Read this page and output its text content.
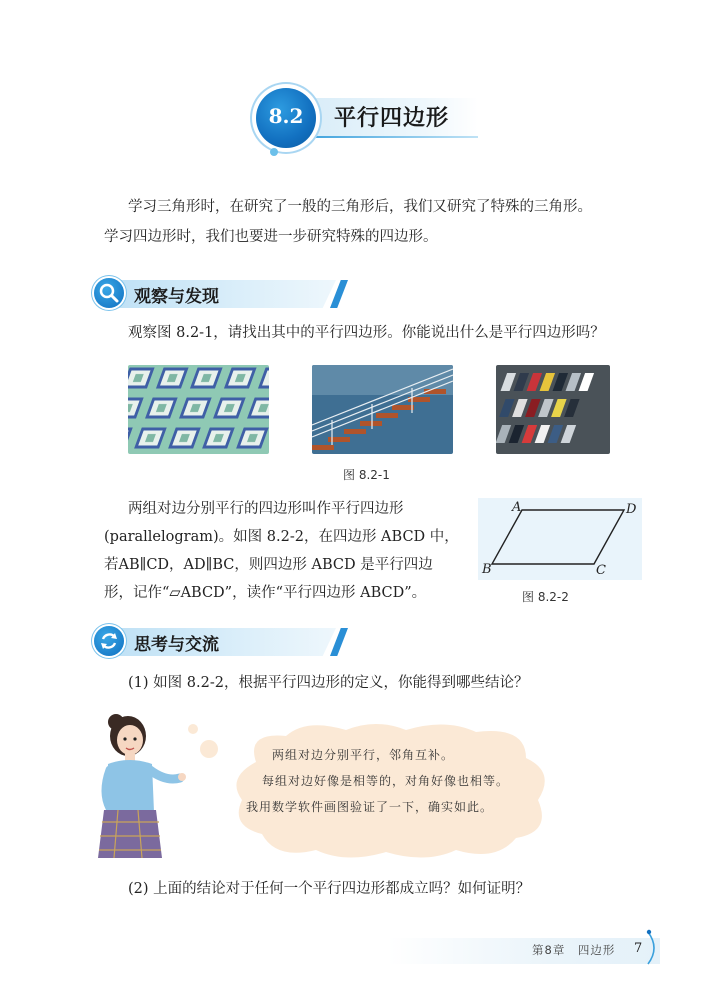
8.2	平行四边形
学习三角形时，在研究了一般的三角形后，我们又研究了特殊的三角形。
学习四边形时，我们也要进一步研究特殊的四边形。
观察与发现
观察图 8.2-1，请找出其中的平行四边形。你能说出什么是平行四边形吗？
图 8.2-1
两组对边分别平行的四边形叫作平行四边形
(parallelogram)。如图 8.2-2，在四边形 ABCD 中，
若AB∥CD，AD∥BC，则四边形 ABCD 是平行四边
形，记作“▱ABCD”，读作“平行四边形 ABCD”。
A	D
B	C
图 8.2-2
思考与交流
(1) 如图 8.2-2，根据平行四边形的定义，你能得到哪些结论？
两组对边分别平行，邻角互补。
每组对边好像是相等的，对角好像也相等。
我用数学软件画图验证了一下，确实如此。
(2) 上面的结论对于任何一个平行四边形都成立吗？如何证明？
第8章　四边形 7
